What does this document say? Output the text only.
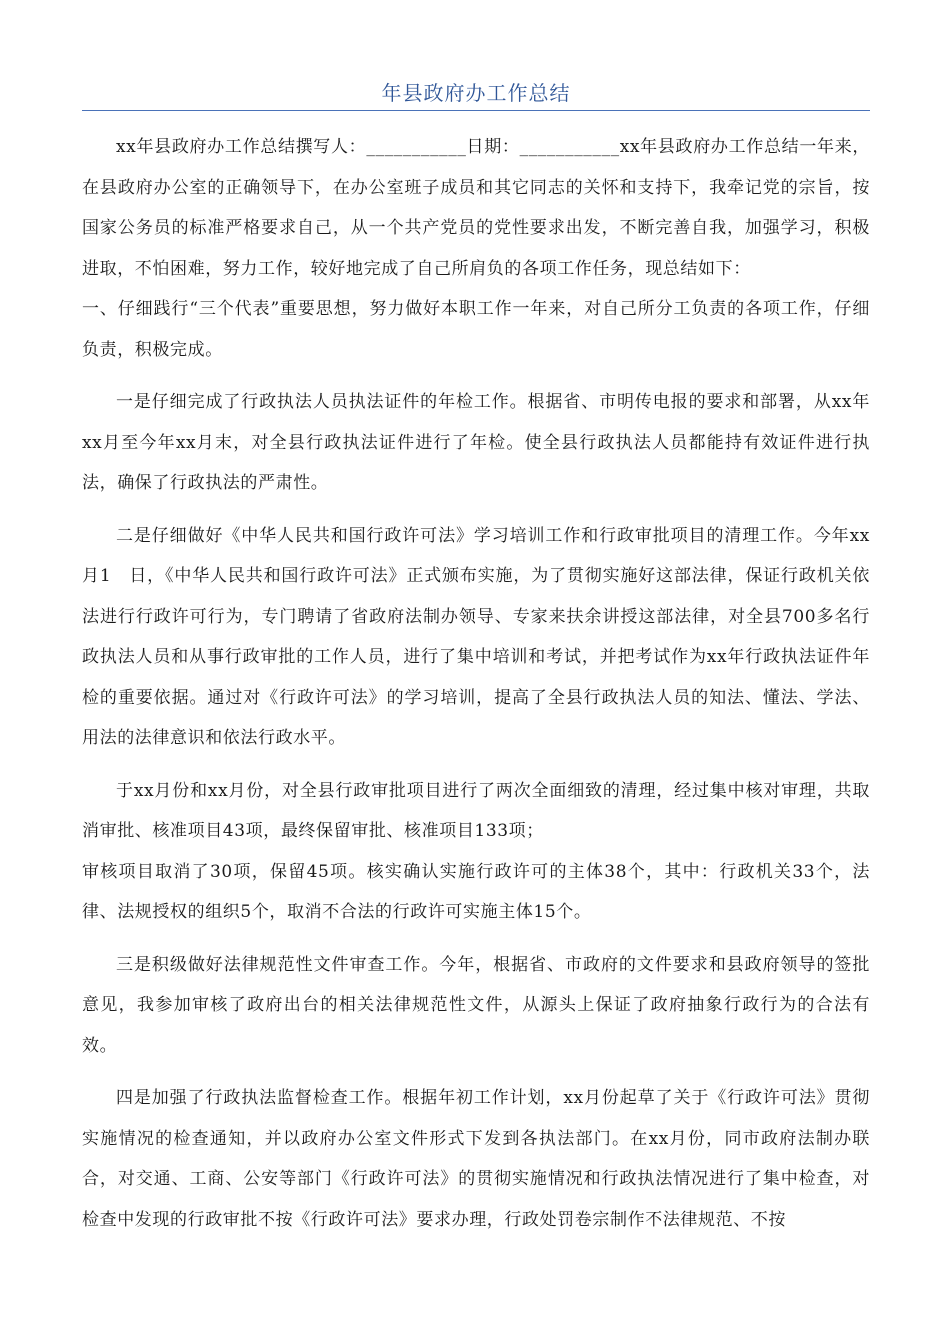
年县政府办工作总结

xx年县政府办工作总结撰写人：___________日期：___________xx年县政府办工作总结一年来，在县政府办公室的正确领导下，在办公室班子成员和其它同志的关怀和支持下，我牵记党的宗旨，按国家公务员的标准严格要求自己，从一个共产党员的党性要求出发，不断完善自我，加强学习，积极进取，不怕困难，努力工作，较好地完成了自己所肩负的各项工作任务，现总结如下：

一、仔细践行“三个代表”重要思想，努力做好本职工作一年来，对自己所分工负责的各项工作，仔细负责，积极完成。

一是仔细完成了行政执法人员执法证件的年检工作。根据省、市明传电报的要求和部署，从xx年xx月至今年xx月末，对全县行政执法证件进行了年检。使全县行政执法人员都能持有效证件进行执法，确保了行政执法的严肃性。

二是仔细做好《中华人民共和国行政许可法》学习培训工作和行政审批项目的清理工作。今年xx月1　日，《中华人民共和国行政许可法》正式颁布实施，为了贯彻实施好这部法律，保证行政机关依法进行行政许可行为，专门聘请了省政府法制办领导、专家来扶余讲授这部法律，对全县700多名行政执法人员和从事行政审批的工作人员，进行了集中培训和考试，并把考试作为xx年行政执法证件年检的重要依据。通过对《行政许可法》的学习培训，提高了全县行政执法人员的知法、懂法、学法、用法的法律意识和依法行政水平。

于xx月份和xx月份，对全县行政审批项目进行了两次全面细致的清理，经过集中核对审理，共取消审批、核准项目43项，最终保留审批、核准项目133项；

审核项目取消了30项，保留45项。核实确认实施行政许可的主体38个，其中：行政机关33个，法律、法规授权的组织5个，取消不合法的行政许可实施主体15个。

三是积级做好法律规范性文件审查工作。今年，根据省、市政府的文件要求和县政府领导的签批意见，我参加审核了政府出台的相关法律规范性文件，从源头上保证了政府抽象行政行为的合法有效。

四是加强了行政执法监督检查工作。根据年初工作计划，xx月份起草了关于《行政许可法》贯彻实施情况的检查通知，并以政府办公室文件形式下发到各执法部门。在xx月份，同市政府法制办联合，对交通、工商、公安等部门《行政许可法》的贯彻实施情况和行政执法情况进行了集中检查，对检查中发现的行政审批不按《行政许可法》要求办理，行政处罚卷宗制作不法律规范、不按
